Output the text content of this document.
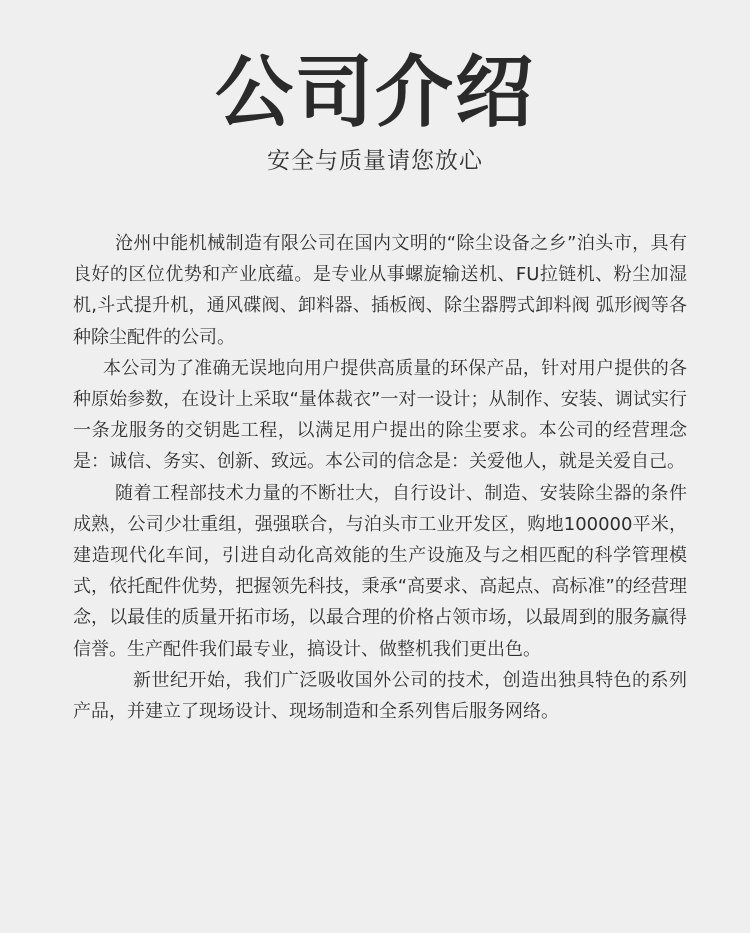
公司介绍
安全与质量请您放心

沧州中能机械制造有限公司在国内文明的“除尘设备之乡”泊头市，具有良好的区位优势和产业底蕴。是专业从事螺旋输送机、FU拉链机、粉尘加湿机,斗式提升机，通风碟阀、卸料器、插板阀、除尘器腭式卸料阀 弧形阀等各种除尘配件的公司。

本公司为了准确无误地向用户提供高质量的环保产品，针对用户提供的各种原始参数，在设计上采取“量体裁衣”一对一设计；从制作、安装、调试实行一条龙服务的交钥匙工程，以满足用户提出的除尘要求。本公司的经营理念是：诚信、务实、创新、致远。本公司的信念是：关爱他人，就是关爱自己。

随着工程部技术力量的不断壮大，自行设计、制造、安装除尘器的条件成熟，公司少壮重组，强强联合，与泊头市工业开发区，购地100000平米，建造现代化车间，引进自动化高效能的生产设施及与之相匹配的科学管理模式，依托配件优势，把握领先科技，秉承“高要求、高起点、高标准”的经营理念，以最佳的质量开拓市场，以最合理的价格占领市场，以最周到的服务赢得信誉。生产配件我们最专业，搞设计、做整机我们更出色。

新世纪开始，我们广泛吸收国外公司的技术，创造出独具特色的系列产品，并建立了现场设计、现场制造和全系列售后服务网络。
